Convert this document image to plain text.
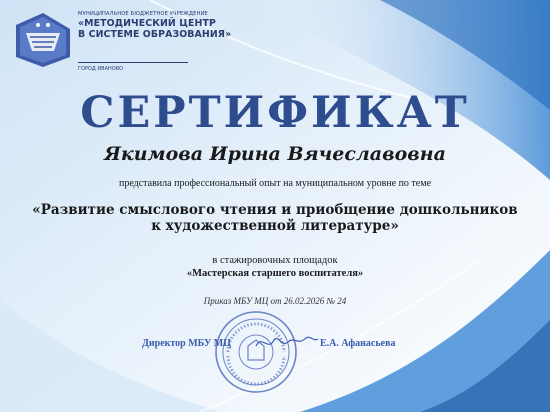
МУНИЦИПАЛЬНОЕ БЮДЖЕТНОЕ УЧРЕЖДЕНИЕ
«МЕТОДИЧЕСКИЙ ЦЕНТР
В СИСТЕМЕ ОБРАЗОВАНИЯ»
ГОРОД ИВАНОВО
СЕРТИФИКАТ
Якимова Ирина Вячеславовна
представила профессиональный опыт на муниципальном уровне по теме
«Развитие смыслового чтения и приобщение дошкольников
к художественной литературе»
в стажировочных площадок
«Мастерская старшего воспитателя»
Приказ МБУ МЦ от 26.02.2026 № 24
Директор МБУ МЦ	Е.А. Афанасьева
